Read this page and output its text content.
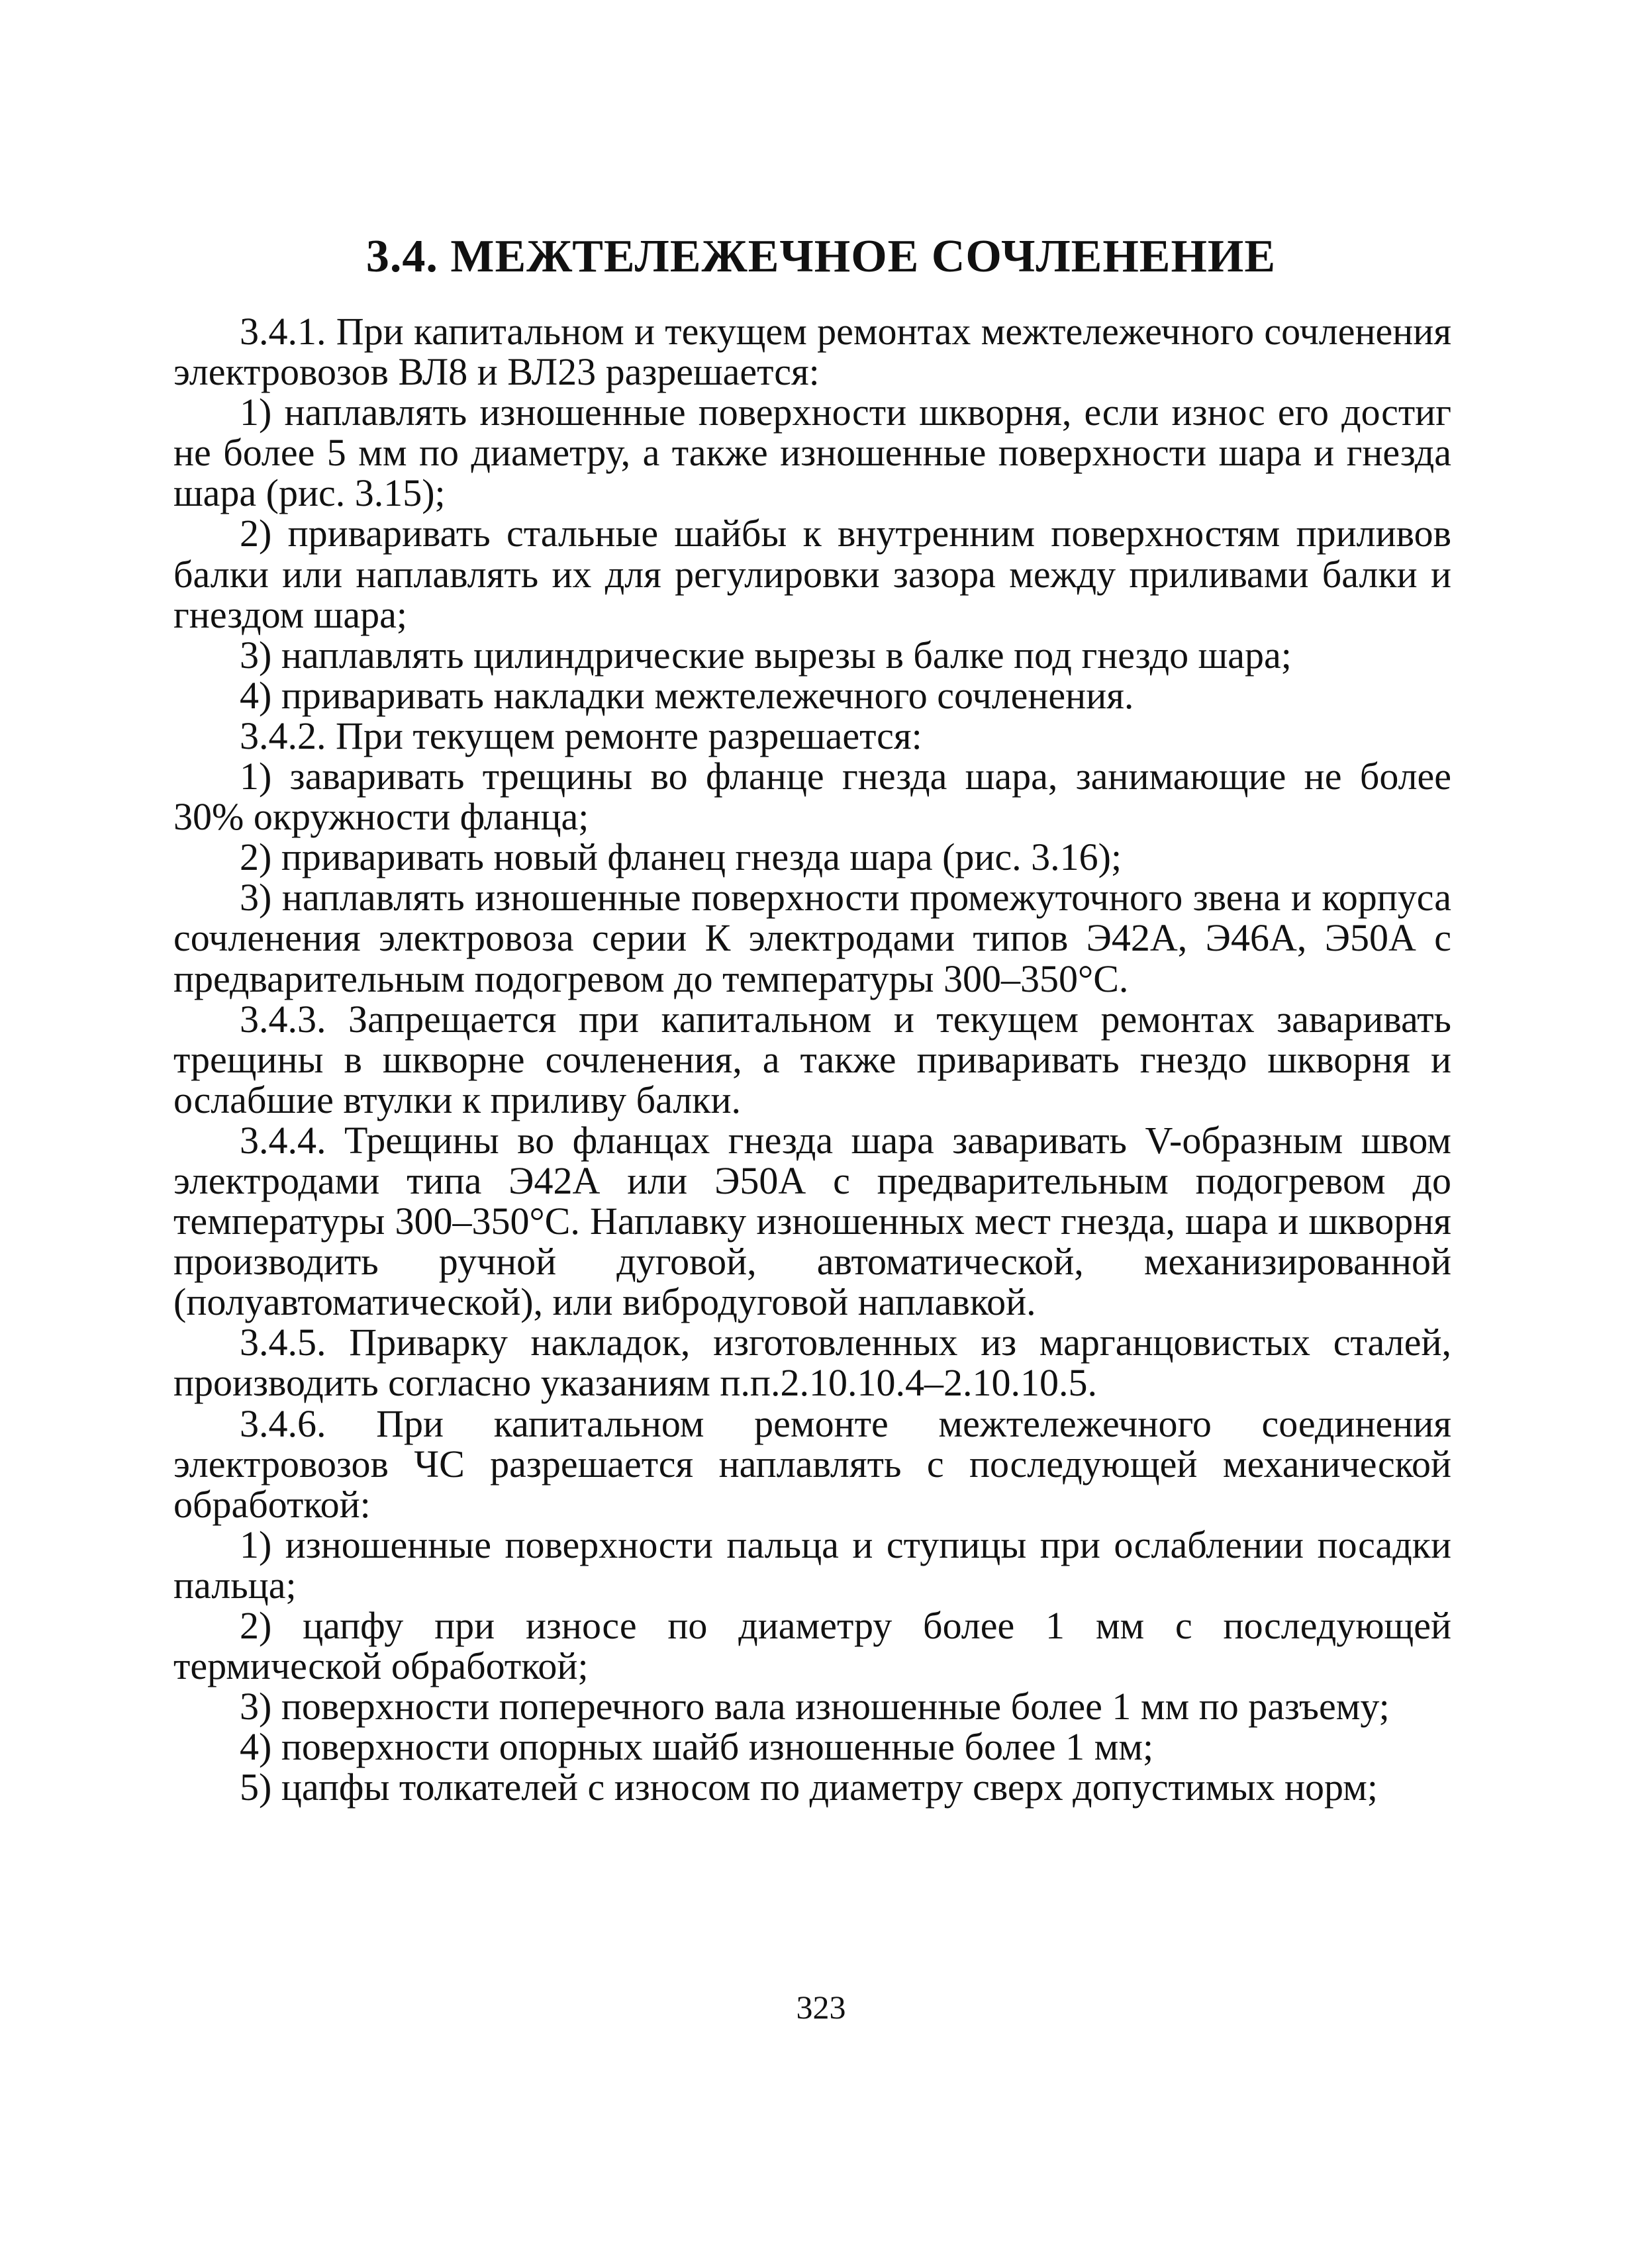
3.4. МЕЖТЕЛЕЖЕЧНОЕ СОЧЛЕНЕНИЕ

3.4.1. При капитальном и текущем ремонтах межтележечного сочленения электровозов ВЛ8 и ВЛ23 разрешается:

1) наплавлять изношенные поверхности шкворня, если износ его достиг не более 5 мм по диаметру, а также изношенные поверхности шара и гнезда шара (рис. 3.15);

2) приваривать стальные шайбы к внутренним поверхностям приливов балки или наплавлять их для регулировки зазора между приливами балки и гнездом шара;

3) наплавлять цилиндрические вырезы в балке под гнездо шара;

4) приваривать накладки межтележечного сочленения.

3.4.2. При текущем ремонте разрешается:

1) заваривать трещины во фланце гнезда шара, занимающие не более 30% окружности фланца;

2) приваривать новый фланец гнезда шара (рис. 3.16);

3) наплавлять изношенные поверхности промежуточного звена и корпуса сочленения электровоза серии К электродами типов Э42А, Э46А, Э50А с предварительным подогревом до температуры 300–350°С.

3.4.3. Запрещается при капитальном и текущем ремонтах заваривать трещины в шкворне сочленения, а также приваривать гнездо шкворня и ослабшие втулки к приливу балки.

3.4.4. Трещины во фланцах гнезда шара заваривать V-образным швом электродами типа Э42А или Э50А с предварительным подогревом до температуры 300–350°С. Наплавку изношенных мест гнезда, шара и шкворня производить ручной дуговой, автоматической, механизированной (полуавтоматической), или вибродуговой наплавкой.

3.4.5. Приварку накладок, изготовленных из марганцовистых сталей, производить согласно указаниям п.п.2.10.10.4–2.10.10.5.

3.4.6. При капитальном ремонте межтележечного соединения электровозов ЧС разрешается наплавлять с последующей механической обработкой:

1) изношенные поверхности пальца и ступицы при ослаблении посадки пальца;

2) цапфу при износе по диаметру более 1 мм с последующей термической обработкой;

3) поверхности поперечного вала изношенные более 1 мм по разъему;

4) поверхности опорных шайб изношенные более 1 мм;

5) цапфы толкателей с износом по диаметру сверх допустимых норм;

323
